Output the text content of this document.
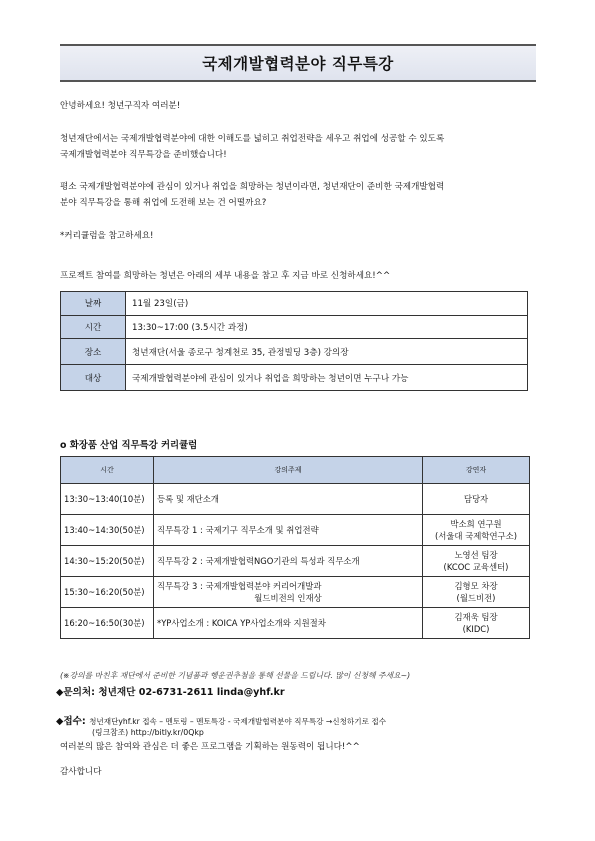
국제개발협력분야 직무특강
안녕하세요! 청년구직자 여러분!
청년재단에서는 국제개발협력분야에 대한 이해도를 넓히고 취업전략을 세우고 취업에 성공할 수 있도록
국제개발협력분야 직무특강을 준비했습니다!
평소 국제개발협력분야에 관심이 있거나 취업을 희망하는 청년이라면, 청년재단이 준비한 국제개발협력
분야 직무특강을 통해 취업에 도전해 보는 건 어떨까요?
*커리큘럼을 참고하세요!
프로젝트 참여를 희망하는 청년은 아래의 세부 내용을 참고 후 지금 바로 신청하세요!^^
날짜	11월 23일(금)
시간	13:30~17:00 (3.5시간 과정)
장소	청년재단(서울 종로구 청계천로 35, 관정빌딩 3층) 강의장
대상	국제개발협력분야에 관심이 있거나 취업을 희망하는 청년이면 누구나 가능
o 화장품 산업 직무특강 커리큘럼
시간	강의주제	강연자
13:30~13:40(10분)	등록 및 재단소개	담당자

13:40~14:30(50분)	직무특강 1 : 국제기구 직무소개 및 취업전략	박소희 연구원
(서울대 국제학연구소)

14:30~15:20(50분)	직무특강 2 : 국제개발협력NGO기관의 특성과 직무소개	노영선 팀장
(KCOC 교육센터)

15:30~16:20(50분)	직무특강 3 : 국제개발협력분야 커리어개발과
월드비전의 인재상	김형모 차장
(월드비전)

16:20~16:50(30분)	*YP사업소개 : KOICA YP사업소개와 지원절차	김재욱 팀장
(KIDC)
(※강의를 마친후 재단에서 준비한 기념품과 행운권추첨을 통해 선물을 드립니다. 많이 신청해 주세요~)
◆문의처: 청년재단 02-6731-2611 linda@yhf.kr
◆접수: 청년재단yhf.kr 접속 – 멘토링 – 멘토특강 - 국제개발협력분야 직무특강 →신청하기로 접수
(링크참조) http://bitly.kr/0Qkp
여러분의 많은 참여와 관심은 더 좋은 프로그램을 기획하는 원동력이 됩니다!^^
감사합니다
